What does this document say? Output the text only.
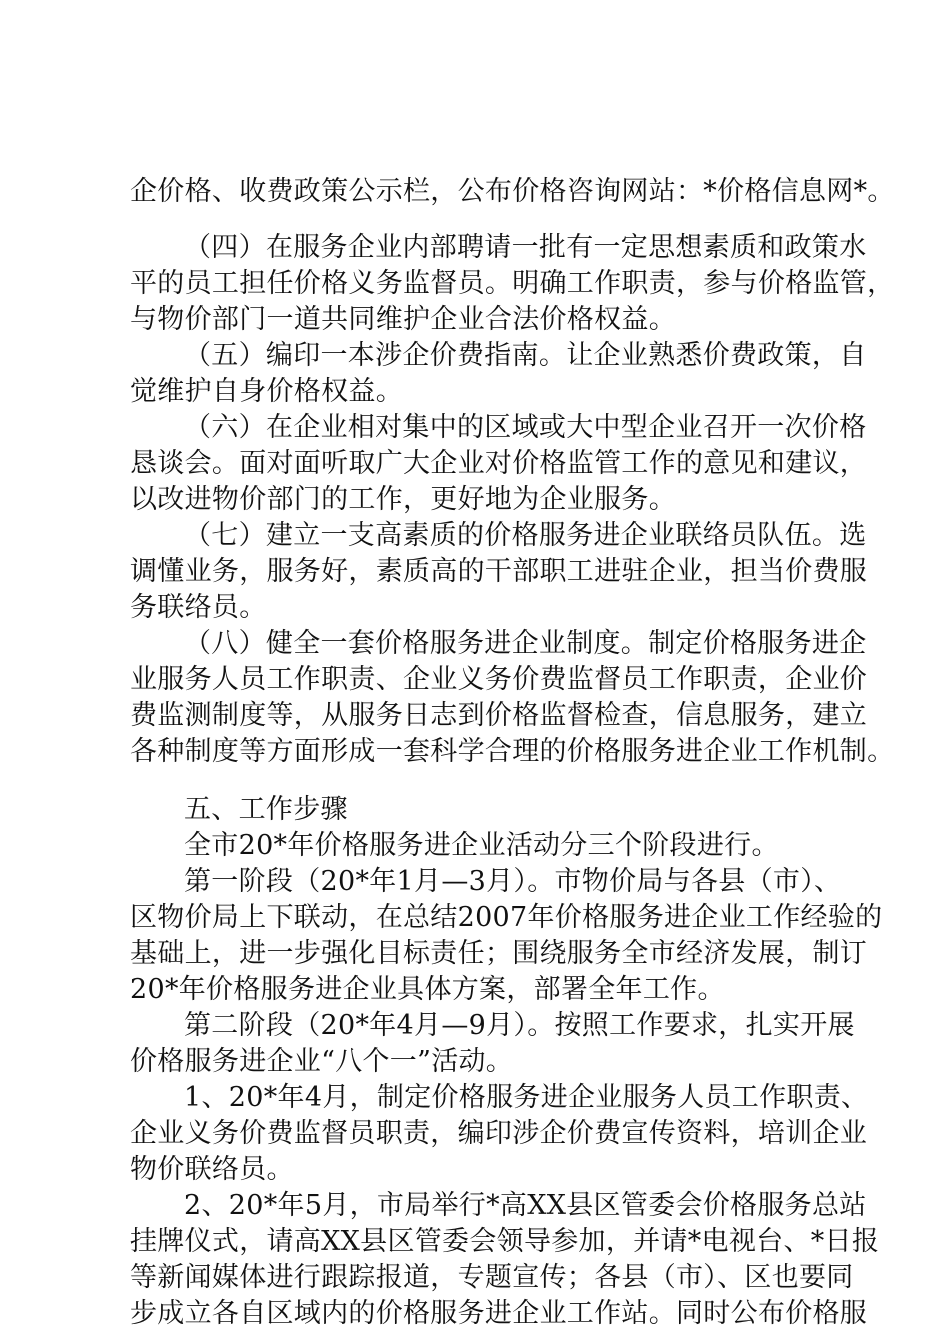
企价格、收费政策公示栏，公布价格咨询网站：*价格信息网*。
（四）在服务企业内部聘请一批有一定思想素质和政策水
平的员工担任价格义务监督员。明确工作职责，参与价格监管，
与物价部门一道共同维护企业合法价格权益。
（五）编印一本涉企价费指南。让企业熟悉价费政策，自
觉维护自身价格权益。
（六）在企业相对集中的区域或大中型企业召开一次价格
恳谈会。面对面听取广大企业对价格监管工作的意见和建议，
以改进物价部门的工作，更好地为企业服务。
（七）建立一支高素质的价格服务进企业联络员队伍。选
调懂业务，服务好，素质高的干部职工进驻企业，担当价费服
务联络员。
（八）健全一套价格服务进企业制度。制定价格服务进企
业服务人员工作职责、企业义务价费监督员工作职责，企业价
费监测制度等，从服务日志到价格监督检查，信息服务，建立
各种制度等方面形成一套科学合理的价格服务进企业工作机制。
五、工作步骤
全市20*年价格服务进企业活动分三个阶段进行。
第一阶段（20*年1月—3月）。市物价局与各县（市）、
区物价局上下联动，在总结2007年价格服务进企业工作经验的
基础上，进一步强化目标责任；围绕服务全市经济发展，制订
20*年价格服务进企业具体方案，部署全年工作。
第二阶段（20*年4月—9月）。按照工作要求，扎实开展
价格服务进企业“八个一”活动。
1、20*年4月，制定价格服务进企业服务人员工作职责、
企业义务价费监督员职责，编印涉企价费宣传资料，培训企业
物价联络员。
2、20*年5月，市局举行*高XX县区管委会价格服务总站
挂牌仪式，请高XX县区管委会领导参加，并请*电视台、*日报
等新闻媒体进行跟踪报道，专题宣传；各县（市）、区也要同
步成立各自区域内的价格服务进企业工作站。同时公布价格服
